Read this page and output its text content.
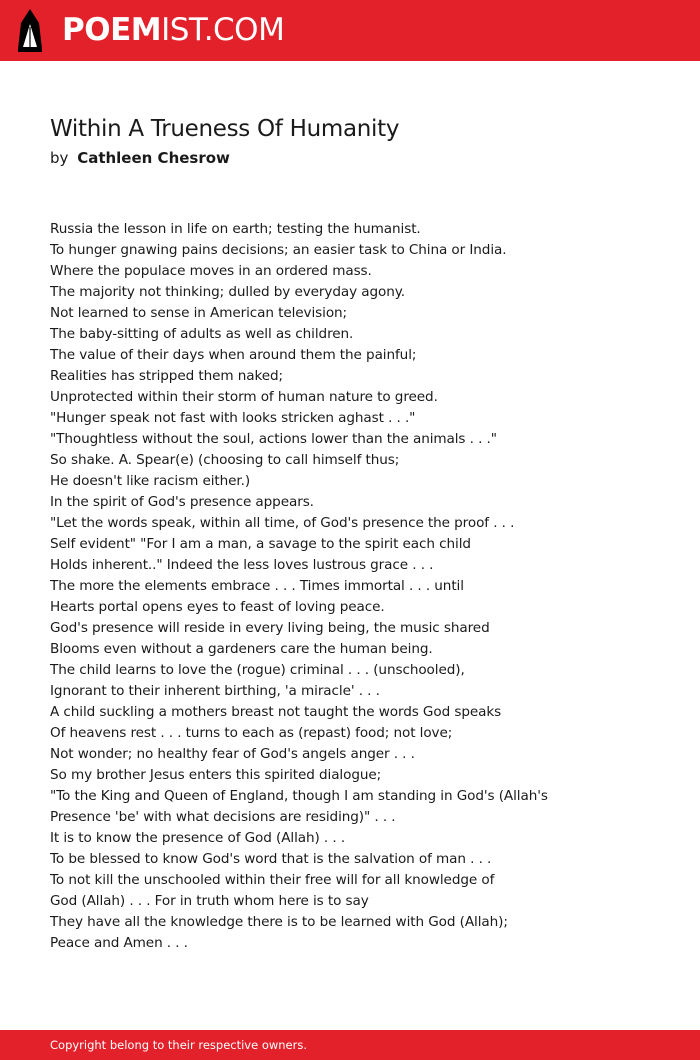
POEMIST.COM
Within A Trueness Of Humanity
by Cathleen Chesrow
Russia the lesson in life on earth; testing the humanist.
To hunger gnawing pains decisions; an easier task to China or India.
Where the populace moves in an ordered mass.
The majority not thinking; dulled by everyday agony.
Not learned to sense in American television;
The baby-sitting of adults as well as children.
The value of their days when around them the painful;
Realities has stripped them naked;
Unprotected within their storm of human nature to greed.
"Hunger speak not fast with looks stricken aghast . . ."
"Thoughtless without the soul, actions lower than the animals . . ."
So shake. A. Spear(e) (choosing to call himself thus;
He doesn't like racism either.)
In the spirit of God's presence appears.
"Let the words speak, within all time, of God's presence the proof . . .
Self evident" "For I am a man, a savage to the spirit each child
Holds inherent.." Indeed the less loves lustrous grace . . .
The more the elements embrace . . . Times immortal . . . until
Hearts portal opens eyes to feast of loving peace.
God's presence will reside in every living being, the music shared
Blooms even without a gardeners care the human being.
The child learns to love the (rogue) criminal . . . (unschooled),
Ignorant to their inherent birthing, 'a miracle' . . .
A child suckling a mothers breast not taught the words God speaks
Of heavens rest . . . turns to each as (repast) food; not love;
Not wonder; no healthy fear of God's angels anger . . .
So my brother Jesus enters this spirited dialogue;
"To the King and Queen of England, though I am standing in God's (Allah's
Presence 'be' with what decisions are residing)" . . .
It is to know the presence of God (Allah) . . .
To be blessed to know God's word that is the salvation of man . . .
To not kill the unschooled within their free will for all knowledge of
God (Allah) . . . For in truth whom here is to say
They have all the knowledge there is to be learned with God (Allah);
Peace and Amen . . .
Copyright belong to their respective owners.
